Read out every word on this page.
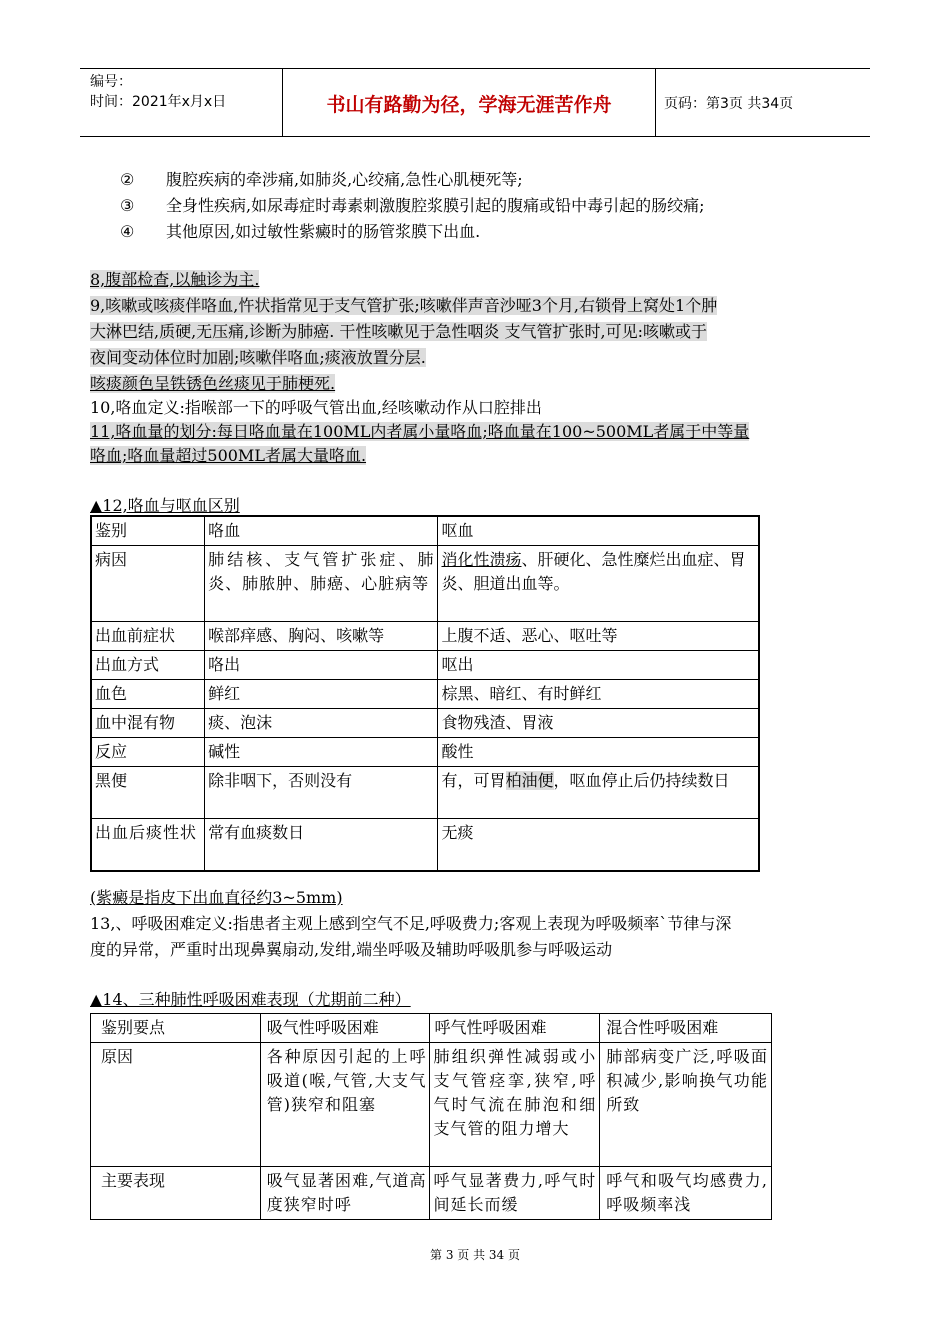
编号：
时间：2021年x月x日	书山有路勤为径，学海无涯苦作舟	页码：第3页 共34页
② 腹腔疾病的牵涉痛,如肺炎,心绞痛,急性心肌梗死等;
③ 全身性疾病,如尿毒症时毒素刺激腹腔浆膜引起的腹痛或铅中毒引起的肠绞痛;
④ 其他原因,如过敏性紫癜时的肠管浆膜下出血.
8,腹部检查,以触诊为主.
9,咳嗽或咳痰伴咯血,忤状指常见于支气管扩张;咳嗽伴声音沙哑3个月,右锁骨上窝处1个肿
大淋巴结,质硬,无压痛,诊断为肺癌. 干性咳嗽见于急性咽炎 支气管扩张时,可见:咳嗽或于
夜间变动体位时加剧;咳嗽伴咯血;痰液放置分层.
咳痰颜色呈铁锈色丝痰见于肺梗死.
10,咯血定义:指喉部一下的呼吸气管出血,经咳嗽动作从口腔排出
11,咯血量的划分:每日咯血量在100ML内者属小量咯血;咯血量在100~500ML者属于中等量
咯血;咯血量超过500ML者属大量咯血.
▲12,咯血与呕血区别
鉴别	咯血	呕血
病因	肺结核、支气管扩张症、肺炎、肺脓肿、肺癌、心脏病等	消化性溃疡、肝硬化、急性糜烂出血症、胃炎、胆道出血等。
出血前症状	喉部痒感、胸闷、咳嗽等	上腹不适、恶心、呕吐等
出血方式	咯出	呕出
血色	鲜红	棕黑、暗红、有时鲜红
血中混有物	痰、泡沫	食物残渣、胃液
反应	碱性	酸性
黑便	除非咽下，否则没有	有，可胃柏油便，呕血停止后仍持续数日
出血后痰性状	常有血痰数日	无痰
(紫癜是指皮下出血直径约3~5mm)
13,、呼吸困难定义:指患者主观上感到空气不足,呼吸费力;客观上表现为呼吸频率`节律与深
度的异常，严重时出现鼻翼扇动,发绀,端坐呼吸及辅助呼吸肌参与呼吸运动
▲14、三种肺性呼吸困难表现（尤期前二种）
鉴别要点	吸气性呼吸困难	呼气性呼吸困难	混合性呼吸困难
原因	各种原因引起的上呼吸道(喉,气管,大支气管)狭窄和阻塞	肺组织弹性减弱或小支气管痉挛,狭窄,呼气时气流在肺泡和细支气管的阻力增大	肺部病变广泛,呼吸面积减少,影响换气功能所致
主要表现	吸气显著困难,气道高度狭窄时呼	呼气显著费力,呼气时间延长而缓	呼气和吸气均感费力,呼吸频率浅
第 3 页 共 34 页
